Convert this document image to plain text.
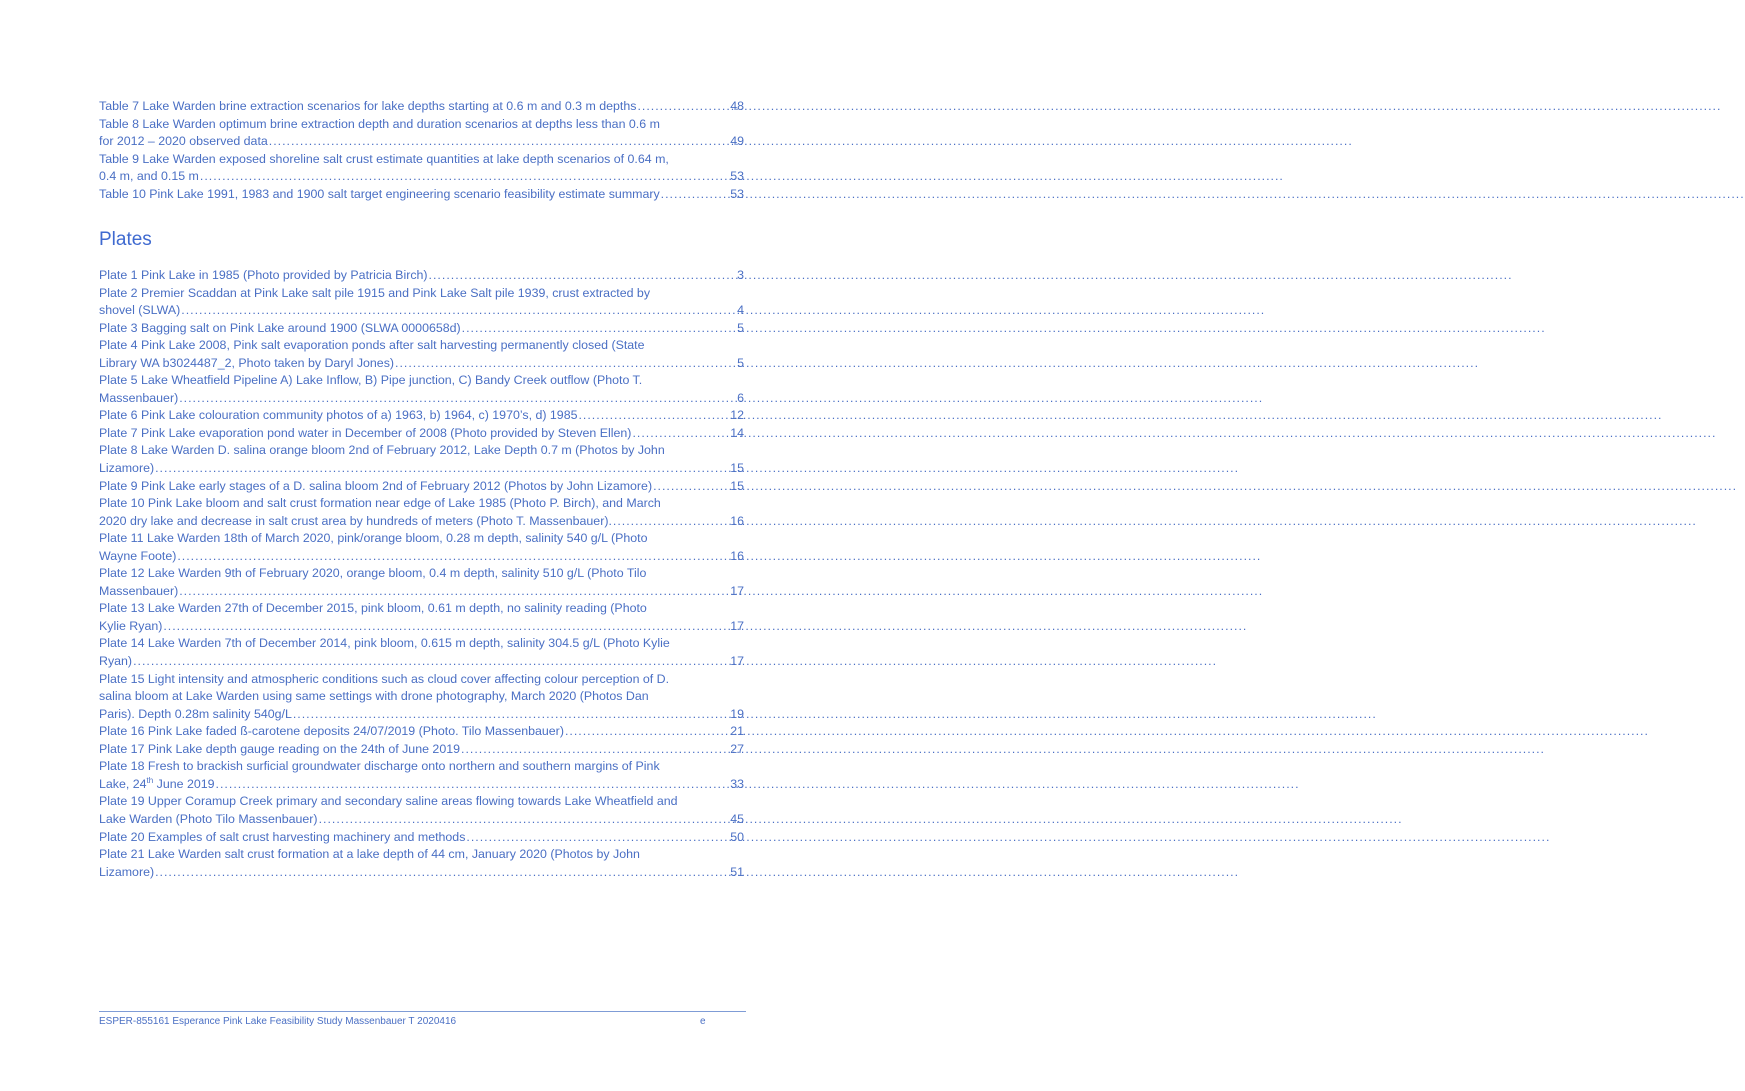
Table 7 Lake Warden brine extraction scenarios for lake depths starting at 0.6 m and 0.3 m depths .....	48
Table 8 Lake Warden optimum brine extraction depth and duration scenarios at depths less than 0.6 m
for 2012 – 2020 observed data .....	49
Table 9 Lake Warden exposed shoreline salt crust estimate quantities at lake depth scenarios of 0.64 m,
0.4 m, and 0.15 m .....	53
Table 10 Pink Lake 1991, 1983 and 1900 salt target engineering scenario feasibility estimate summary .....	53
Plates
Plate 1 Pink Lake in 1985 (Photo provided by Patricia Birch) .....	3
Plate 2 Premier Scaddan at Pink Lake salt pile 1915 and Pink Lake Salt pile 1939, crust extracted by
shovel (SLWA) .....	4
Plate 3 Bagging salt on Pink Lake around 1900 (SLWA 0000658d) .....	5
Plate 4 Pink Lake 2008, Pink salt evaporation ponds after salt harvesting permanently closed (State
Library WA b3024487_2, Photo taken by Daryl Jones) .....	5
Plate 5 Lake Wheatfield Pipeline A) Lake Inflow, B) Pipe junction, C) Bandy Creek outflow (Photo T.
Massenbauer) .....	6
Plate 6 Pink Lake colouration community photos of a) 1963, b) 1964, c) 1970’s, d) 1985 .....	12
Plate 7 Pink Lake evaporation pond water in December of 2008 (Photo provided by Steven Ellen) .....	14
Plate 8 Lake Warden D. salina orange bloom 2nd of February 2012, Lake Depth 0.7 m (Photos by John
Lizamore) .....	15
Plate 9 Pink Lake early stages of a D. salina bloom 2nd of February 2012 (Photos by John Lizamore) .....	15
Plate 10 Pink Lake bloom and salt crust formation near edge of Lake 1985 (Photo P. Birch), and March
2020 dry lake and decrease in salt crust area by hundreds of meters (Photo T. Massenbauer). .....	16
Plate 11 Lake Warden 18th of March 2020, pink/orange bloom, 0.28 m depth, salinity 540 g/L (Photo
Wayne Foote) .....	16
Plate 12 Lake Warden 9th of February 2020, orange bloom, 0.4 m depth, salinity 510 g/L (Photo Tilo
Massenbauer) .....	17
Plate 13 Lake Warden 27th of December 2015, pink bloom, 0.61 m depth, no salinity reading (Photo
Kylie Ryan) .....	17
Plate 14 Lake Warden 7th of December 2014, pink bloom, 0.615 m depth, salinity 304.5 g/L (Photo Kylie
Ryan) .....	17
Plate 15 Light intensity and atmospheric conditions such as cloud cover affecting colour perception of D.
salina bloom at Lake Warden using same settings with drone photography, March 2020 (Photos Dan
Paris). Depth 0.28m salinity 540g/L .....	19
Plate 16 Pink Lake faded ß-carotene deposits 24/07/2019 (Photo. Tilo Massenbauer) .....	21
Plate 17 Pink Lake depth gauge reading on the 24th of June 2019 .....	27
Plate 18 Fresh to brackish surficial groundwater discharge onto northern and southern margins of Pink
Lake, 24th June 2019 .....	33
Plate 19 Upper Coramup Creek primary and secondary saline areas flowing towards Lake Wheatfield and
Lake Warden (Photo Tilo Massenbauer) .....	45
Plate 20 Examples of salt crust harvesting machinery and methods .....	50
Plate 21 Lake Warden salt crust formation at a lake depth of 44 cm, January 2020 (Photos by John
Lizamore) .....	51
ESPER-855161 Esperance Pink Lake Feasibility Study Massenbauer T 2020416	e
